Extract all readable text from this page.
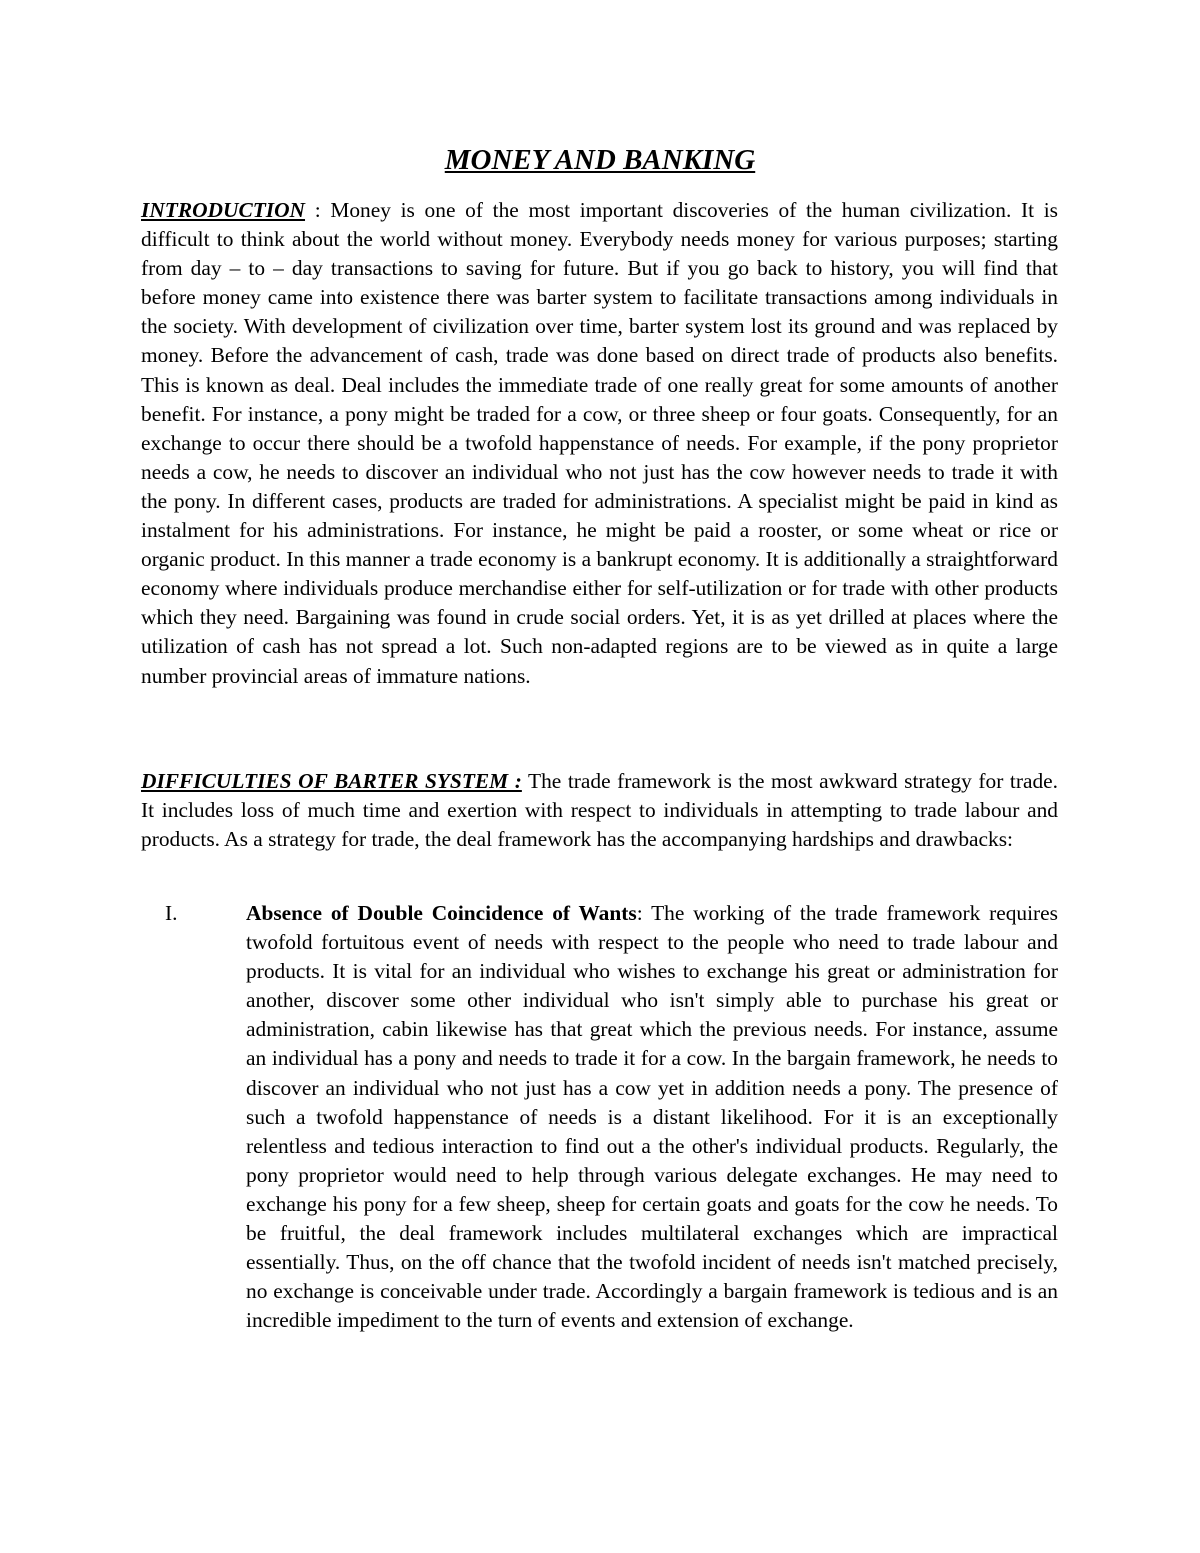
MONEY AND BANKING

INTRODUCTION : Money is one of the most important discoveries of the human civilization. It is difficult to think about the world without money. Everybody needs money for various purposes; starting from day – to – day transactions to saving for future. But if you go back to history, you will find that before money came into existence there was barter system to facilitate transactions among individuals in the society. With development of civilization over time, barter system lost its ground and was replaced by money. Before the advancement of cash, trade was done based on direct trade of products also benefits. This is known as deal. Deal includes the immediate trade of one really great for some amounts of another benefit. For instance, a pony might be traded for a cow, or three sheep or four goats. Consequently, for an exchange to occur there should be a twofold happenstance of needs. For example, if the pony proprietor needs a cow, he needs to discover an individual who not just has the cow however needs to trade it with the pony. In different cases, products are traded for administrations. A specialist might be paid in kind as instalment for his administrations. For instance, he might be paid a rooster, or some wheat or rice or organic product. In this manner a trade economy is a bankrupt economy. It is additionally a straightforward economy where individuals produce merchandise either for self-utilization or for trade with other products which they need. Bargaining was found in crude social orders. Yet, it is as yet drilled at places where the utilization of cash has not spread a lot. Such non-adapted regions are to be viewed as in quite a large number provincial areas of immature nations.

DIFFICULTIES OF BARTER SYSTEM : The trade framework is the most awkward strategy for trade. It includes loss of much time and exertion with respect to individuals in attempting to trade labour and products. As a strategy for trade, the deal framework has the accompanying hardships and drawbacks:

I.	Absence of Double Coincidence of Wants: The working of the trade framework requires twofold fortuitous event of needs with respect to the people who need to trade labour and products. It is vital for an individual who wishes to exchange his great or administration for another, discover some other individual who isn't simply able to purchase his great or administration, cabin likewise has that great which the previous needs. For instance, assume an individual has a pony and needs to trade it for a cow. In the bargain framework, he needs to discover an individual who not just has a cow yet in addition needs a pony. The presence of such a twofold happenstance of needs is a distant likelihood. For it is an exceptionally relentless and tedious interaction to find out a the other's individual products. Regularly, the pony proprietor would need to help through various delegate exchanges. He may need to exchange his pony for a few sheep, sheep for certain goats and goats for the cow he needs. To be fruitful, the deal framework includes multilateral exchanges which are impractical essentially. Thus, on the off chance that the twofold incident of needs isn't matched precisely, no exchange is conceivable under trade. Accordingly a bargain framework is tedious and is an incredible impediment to the turn of events and extension of exchange.
